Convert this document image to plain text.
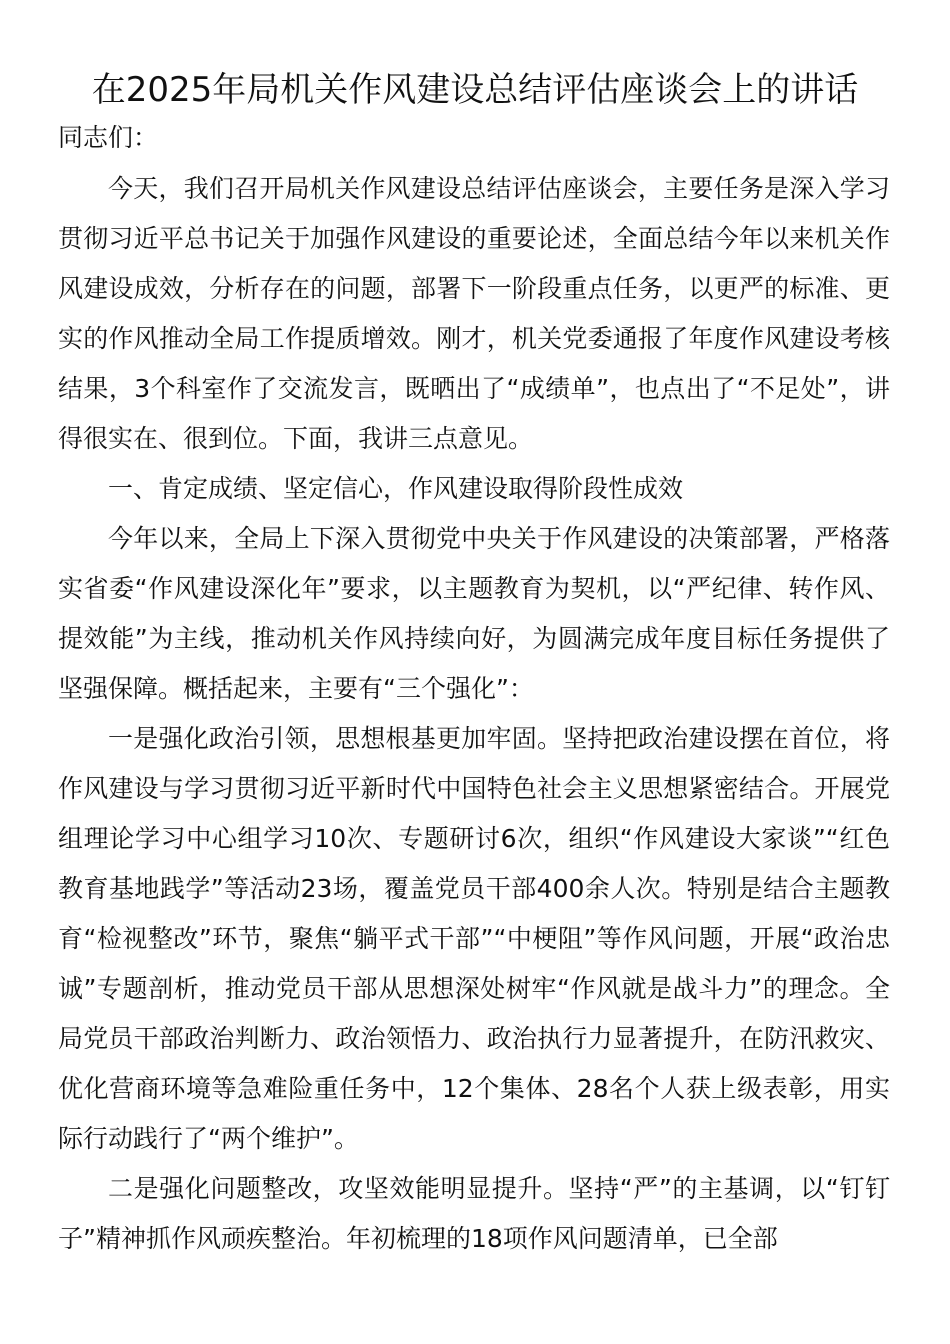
在2025年局机关作风建设总结评估座谈会上的讲话

同志们：

今天，我们召开局机关作风建设总结评估座谈会，主要任务是深入学习贯彻习近平总书记关于加强作风建设的重要论述，全面总结今年以来机关作风建设成效，分析存在的问题，部署下一阶段重点任务，以更严的标准、更实的作风推动全局工作提质增效。刚才，机关党委通报了年度作风建设考核结果，3个科室作了交流发言，既晒出了“成绩单”，也点出了“不足处”，讲得很实在、很到位。下面，我讲三点意见。

一、肯定成绩、坚定信心，作风建设取得阶段性成效

今年以来，全局上下深入贯彻党中央关于作风建设的决策部署，严格落实省委“作风建设深化年”要求，以主题教育为契机，以“严纪律、转作风、提效能”为主线，推动机关作风持续向好，为圆满完成年度目标任务提供了坚强保障。概括起来，主要有“三个强化”：

一是强化政治引领，思想根基更加牢固。坚持把政治建设摆在首位，将作风建设与学习贯彻习近平新时代中国特色社会主义思想紧密结合。开展党组理论学习中心组学习10次、专题研讨6次，组织“作风建设大家谈”“红色教育基地践学”等活动23场，覆盖党员干部400余人次。特别是结合主题教育“检视整改”环节，聚焦“躺平式干部”“中梗阻”等作风问题，开展“政治忠诚”专题剖析，推动党员干部从思想深处树牢“作风就是战斗力”的理念。全局党员干部政治判断力、政治领悟力、政治执行力显著提升，在防汛救灾、优化营商环境等急难险重任务中，12个集体、28名个人获上级表彰，用实际行动践行了“两个维护”。

二是强化问题整改，攻坚效能明显提升。坚持“严”的主基调，以“钉钉子”精神抓作风顽疾整治。年初梳理的18项作风问题清单，已全部
